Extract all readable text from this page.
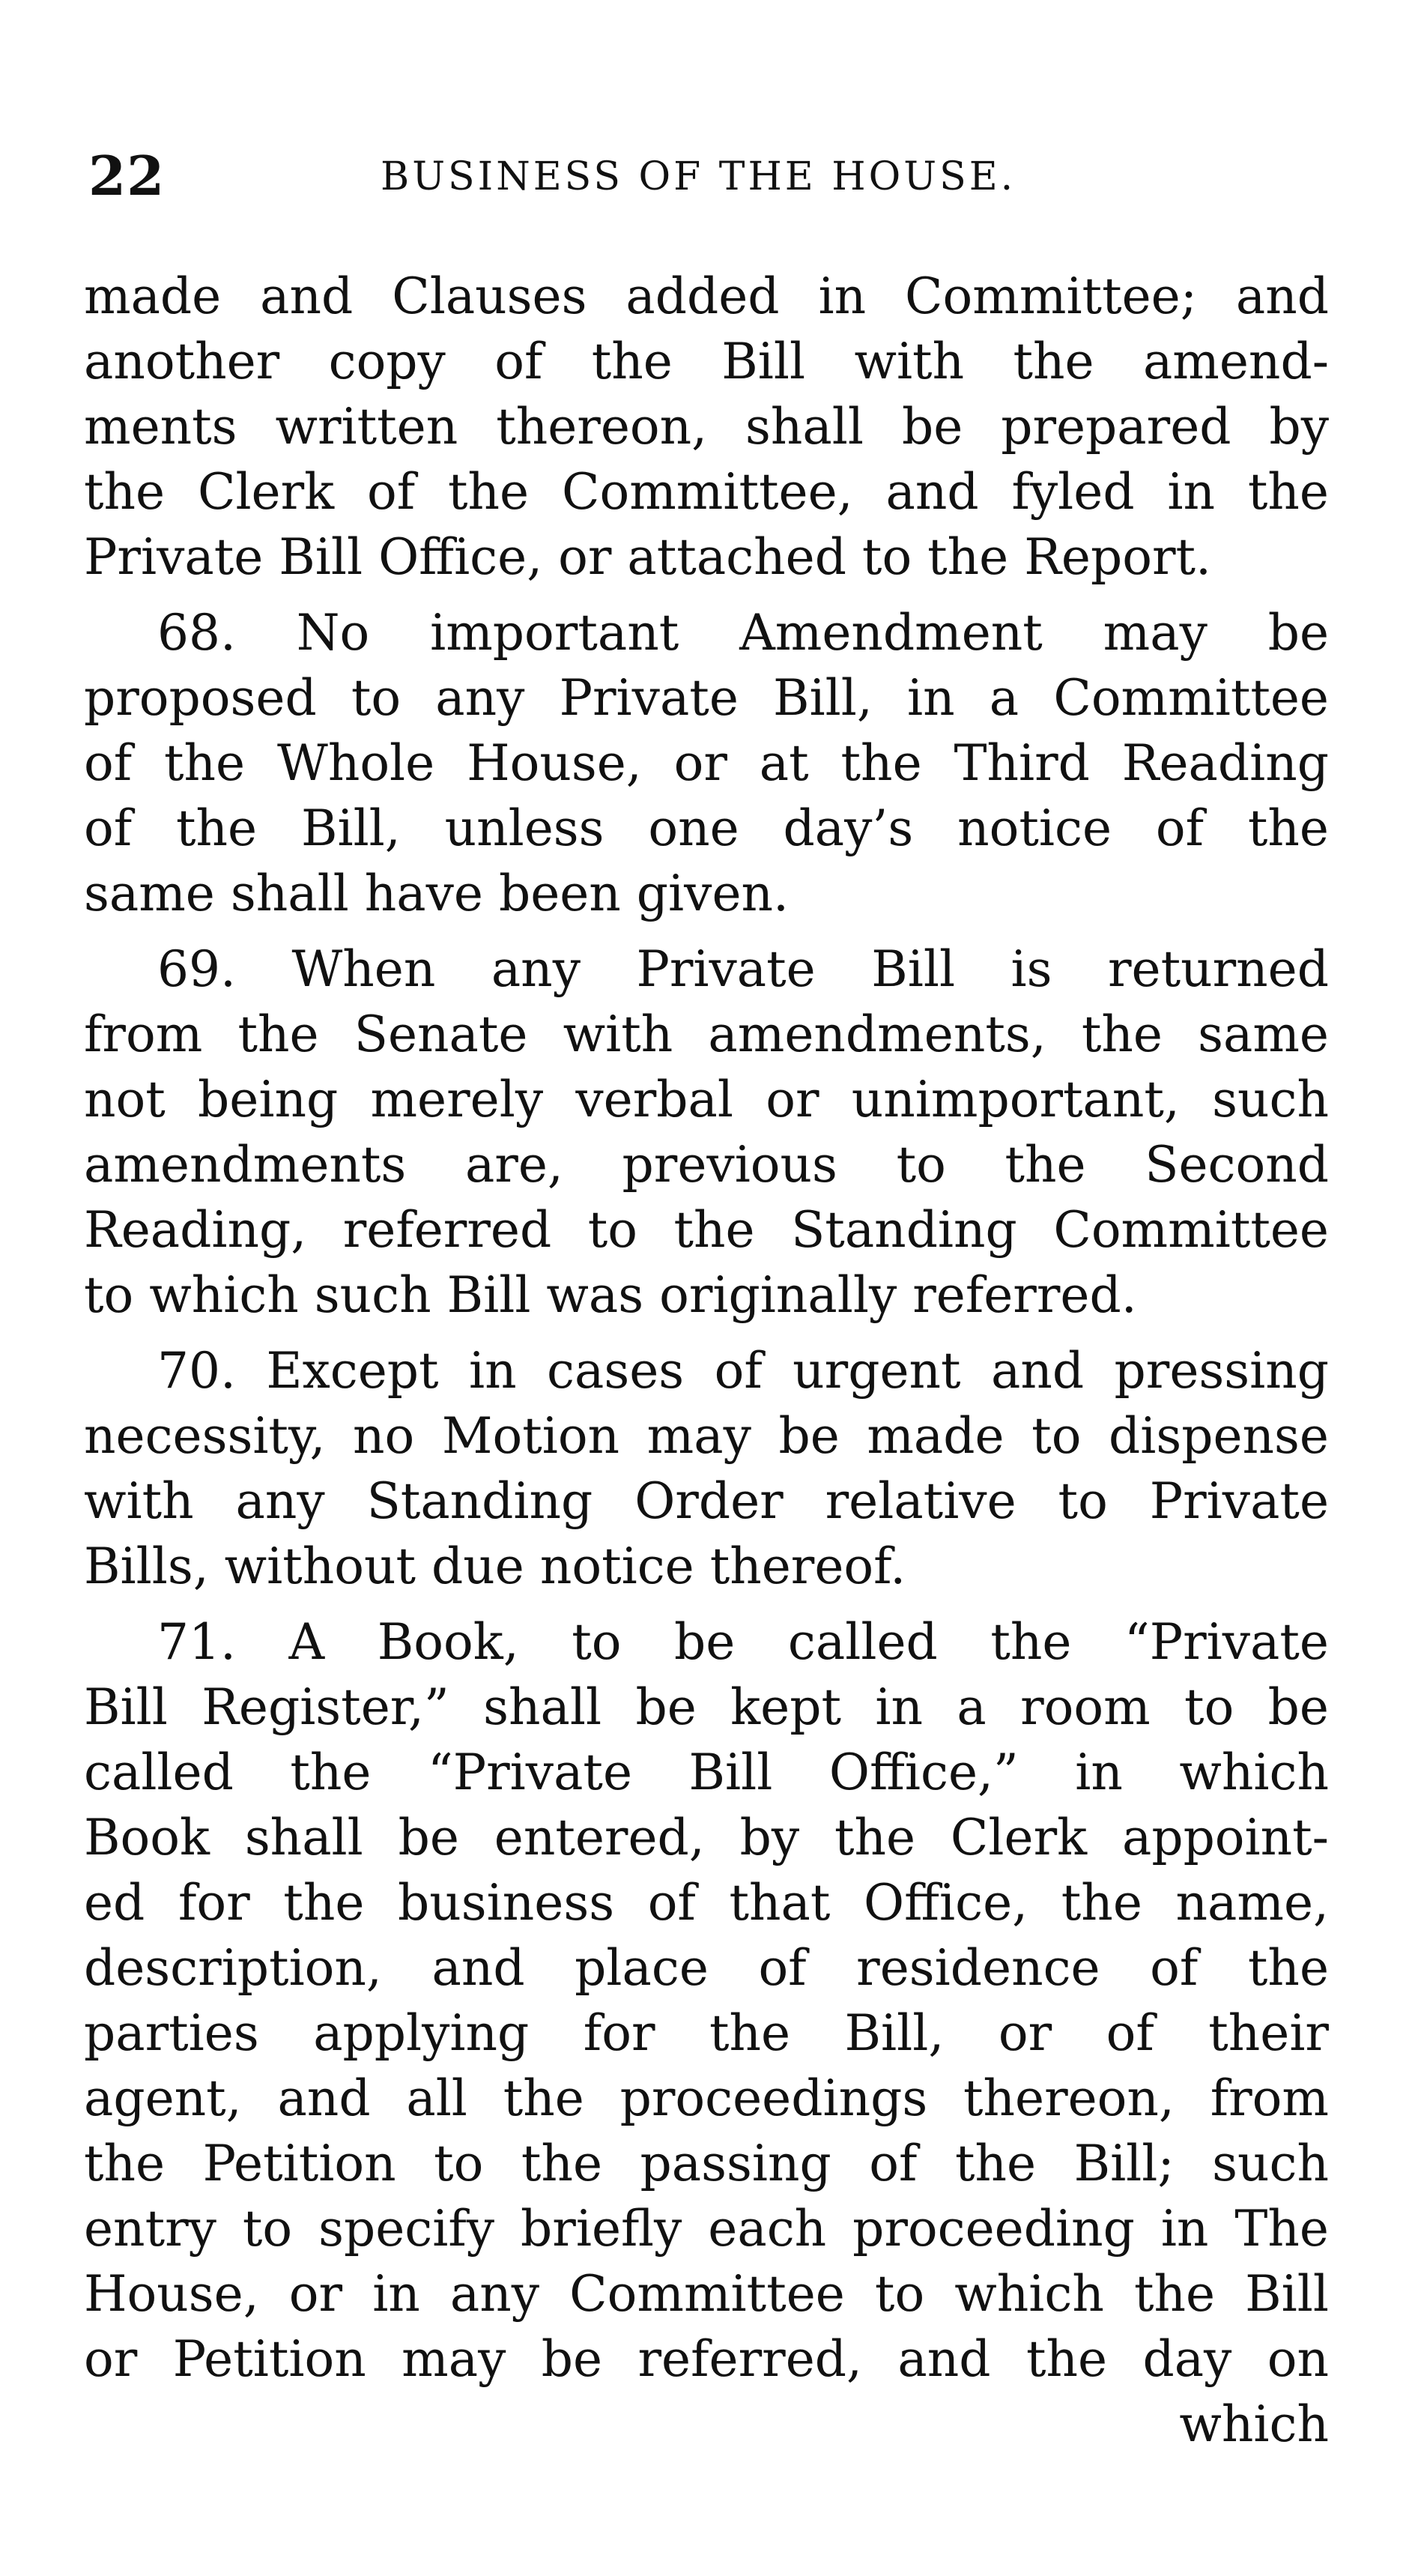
22	BUSINESS OF THE HOUSE.
made and Clauses added in Committee; and
another copy of the Bill with the amend-
ments written thereon, shall be prepared by
the Clerk of the Committee, and fyled in the
Private Bill Office, or attached to the Report.
68. No important Amendment may be
proposed to any Private Bill, in a Committee
of the Whole House, or at the Third Reading
of the Bill, unless one day’s notice of the
same shall have been given.
69. When any Private Bill is returned
from the Senate with amendments, the same
not being merely verbal or unimportant, such
amendments are, previous to the Second
Reading, referred to the Standing Committee
to which such Bill was originally referred.
70. Except in cases of urgent and pressing
necessity, no Motion may be made to dispense
with any Standing Order relative to Private
Bills, without due notice thereof.
71. A Book, to be called the “Private
Bill Register,” shall be kept in a room to be
called the “Private Bill Office,” in which
Book shall be entered, by the Clerk appoint-
ed for the business of that Office, the name,
description, and place of residence of the
parties applying for the Bill, or of their
agent, and all the proceedings thereon, from
the Petition to the passing of the Bill; such
entry to specify briefly each proceeding in The
House, or in any Committee to which the Bill
or Petition may be referred, and the day on
which
